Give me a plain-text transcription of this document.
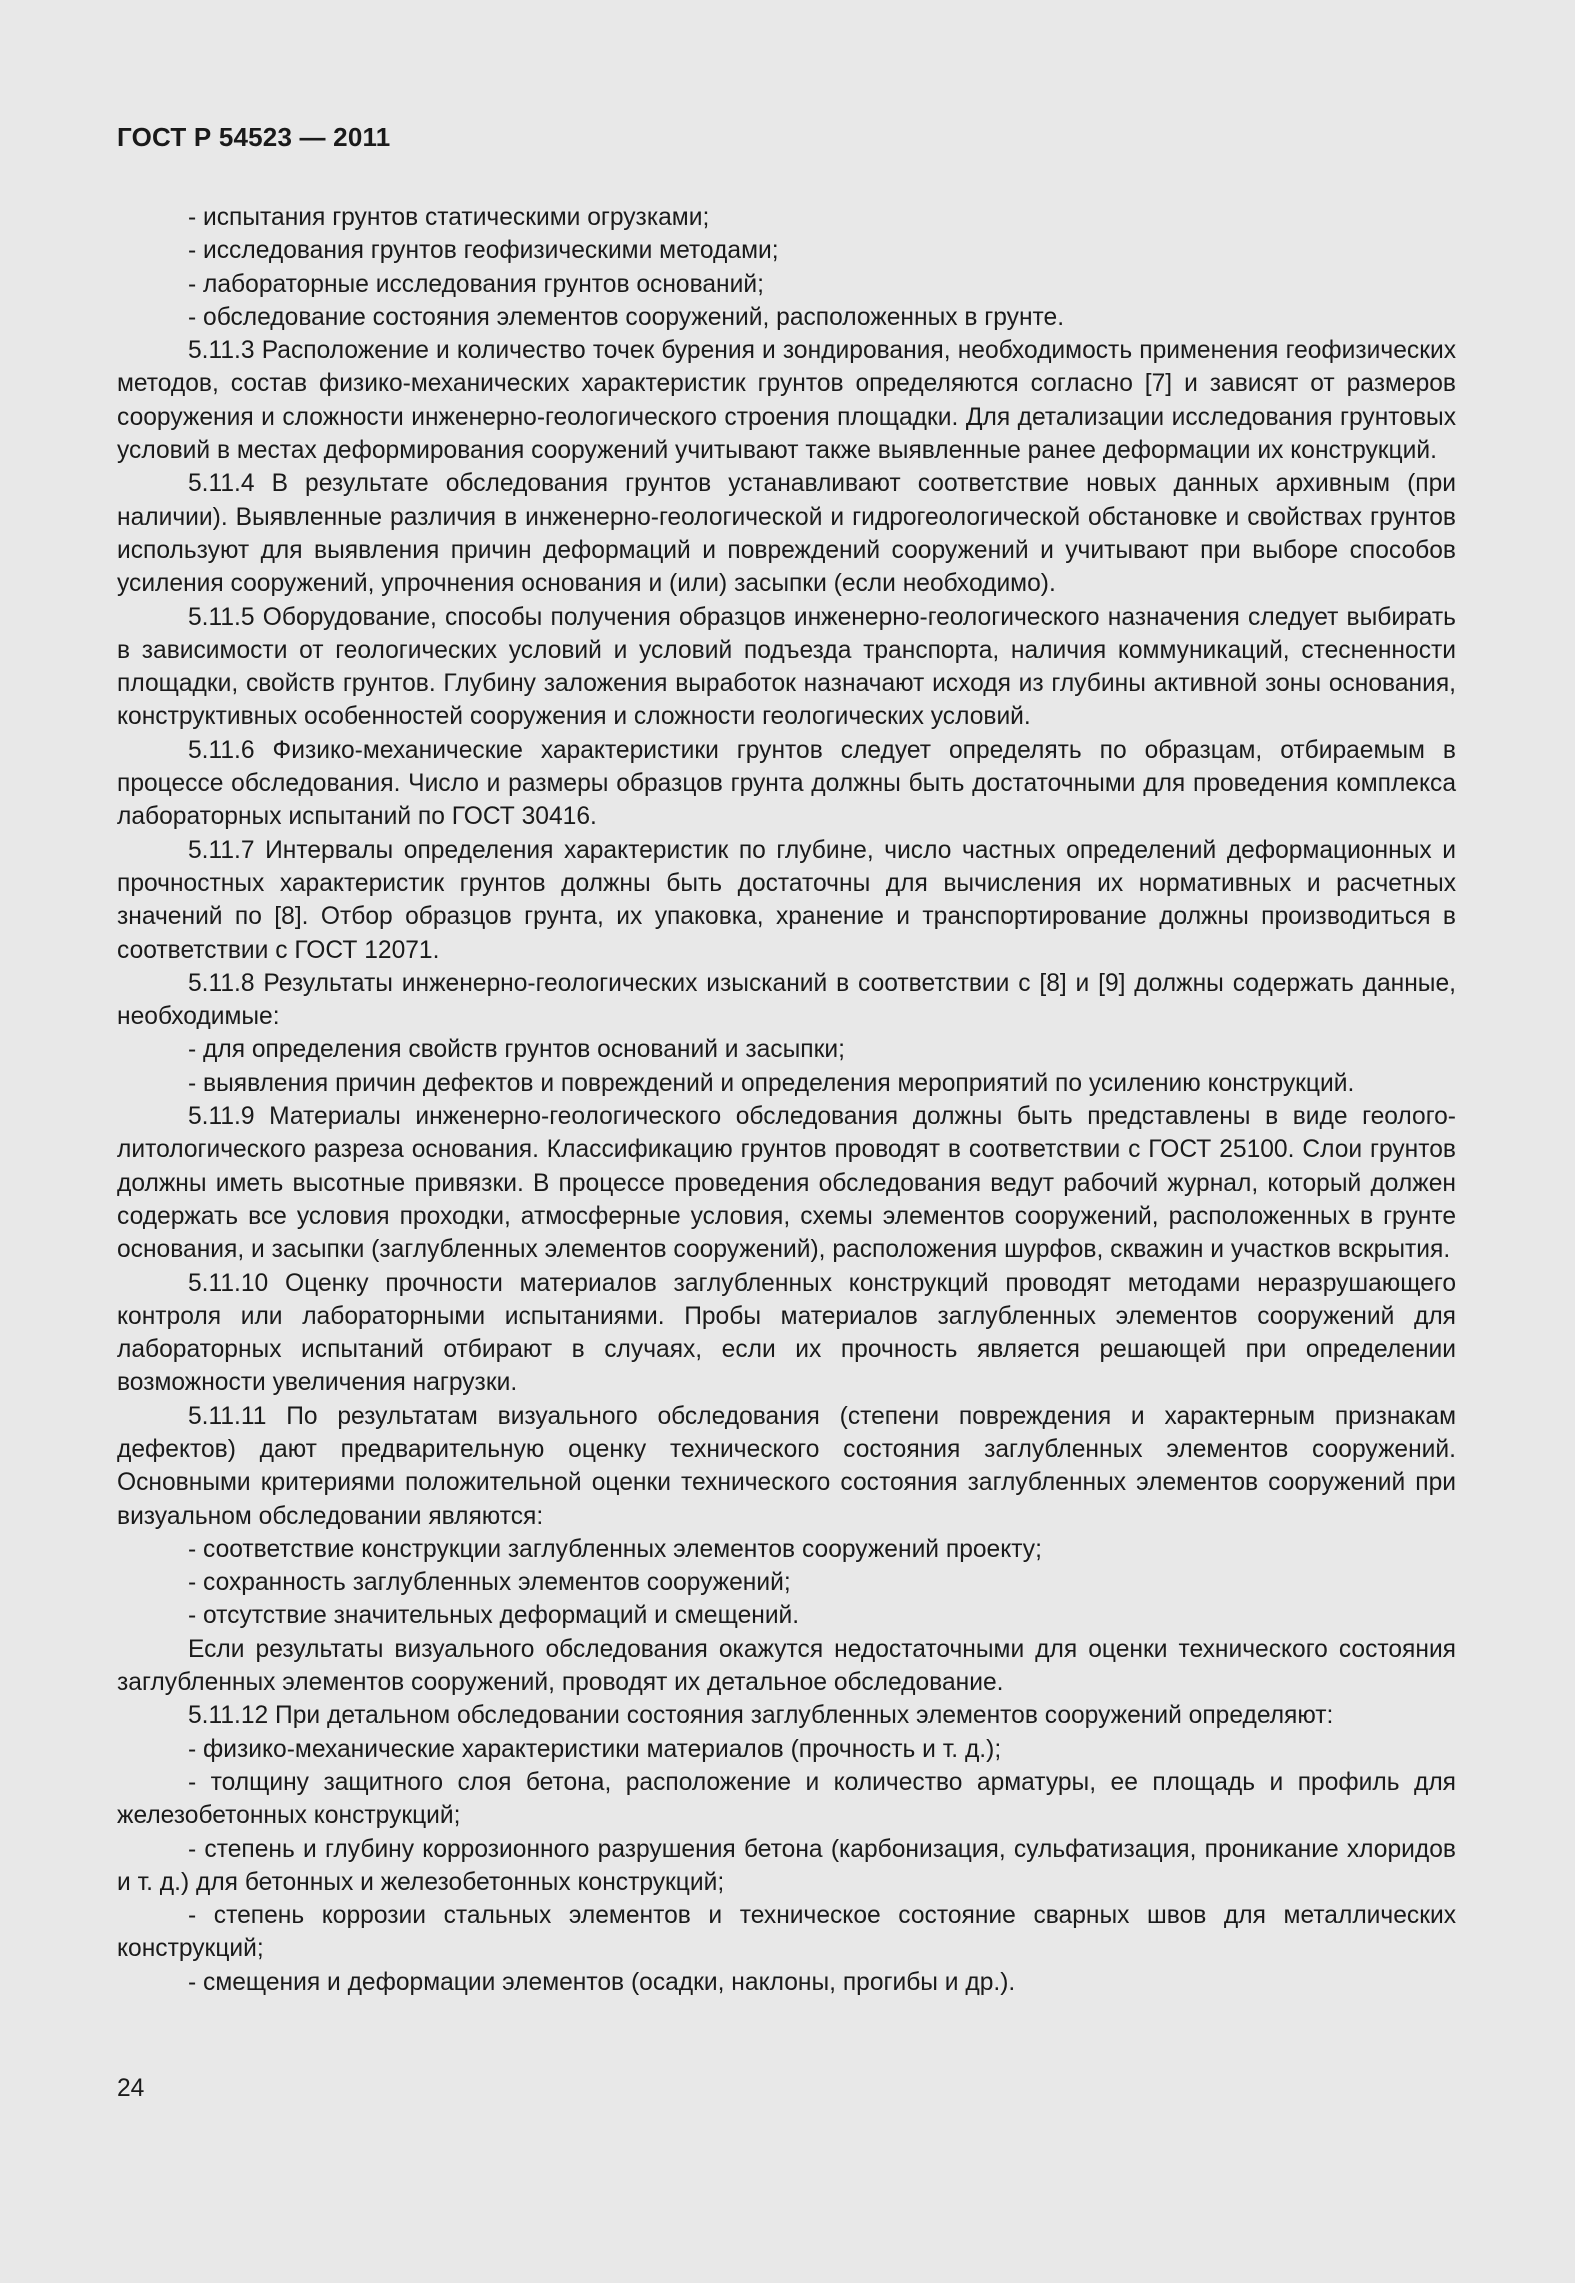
ГОСТ Р 54523 — 2011

- испытания грунтов статическими огрузками;

- исследования грунтов геофизическими методами;

- лабораторные исследования грунтов оснований;

- обследование состояния элементов сооружений, расположенных в грунте.

5.11.3 Расположение и количество точек бурения и зондирования, необходимость применения геофизических методов, состав физико-механических характеристик грунтов определяются согласно [7] и зависят от размеров сооружения и сложности инженерно-геологического строения площадки. Для детализации исследования грунтовых условий в местах деформирования сооружений учитывают также выявленные ранее деформации их конструкций.

5.11.4 В результате обследования грунтов устанавливают соответствие новых данных архивным (при наличии). Выявленные различия в инженерно-геологической и гидрогеологической обстановке и свойствах грунтов используют для выявления причин деформаций и повреждений сооружений и учитывают при выборе способов усиления сооружений, упрочнения основания и (или) засыпки (если необходимо).

5.11.5 Оборудование, способы получения образцов инженерно-геологического назначения следует выбирать в зависимости от геологических условий и условий подъезда транспорта, наличия коммуникаций, стесненности площадки, свойств грунтов. Глубину заложения выработок назначают исходя из глубины активной зоны основания, конструктивных особенностей сооружения и сложности геологических условий.

5.11.6 Физико-механические характеристики грунтов следует определять по образцам, отбираемым в процессе обследования. Число и размеры образцов грунта должны быть достаточными для проведения комплекса лабораторных испытаний по ГОСТ 30416.

5.11.7 Интервалы определения характеристик по глубине, число частных определений деформационных и прочностных характеристик грунтов должны быть достаточны для вычисления их нормативных и расчетных значений по [8]. Отбор образцов грунта, их упаковка, хранение и транспортирование должны производиться в соответствии с ГОСТ 12071.

5.11.8 Результаты инженерно-геологических изысканий в соответствии с [8] и [9] должны содержать данные, необходимые:

- для определения свойств грунтов оснований и засыпки;

- выявления причин дефектов и повреждений и определения мероприятий по усилению конструкций.

5.11.9 Материалы инженерно-геологического обследования должны быть представлены в виде геолого-литологического разреза основания. Классификацию грунтов проводят в соответствии с ГОСТ 25100. Слои грунтов должны иметь высотные привязки. В процессе проведения обследования ведут рабочий журнал, который должен содержать все условия проходки, атмосферные условия, схемы элементов сооружений, расположенных в грунте основания, и засыпки (заглубленных элементов сооружений), расположения шурфов, скважин и участков вскрытия.

5.11.10 Оценку прочности материалов заглубленных конструкций проводят методами неразрушающего контроля или лабораторными испытаниями. Пробы материалов заглубленных элементов сооружений для лабораторных испытаний отбирают в случаях, если их прочность является решающей при определении возможности увеличения нагрузки.

5.11.11 По результатам визуального обследования (степени повреждения и характерным признакам дефектов) дают предварительную оценку технического состояния заглубленных элементов сооружений. Основными критериями положительной оценки технического состояния заглубленных элементов сооружений при визуальном обследовании являются:

- соответствие конструкции заглубленных элементов сооружений проекту;

- сохранность заглубленных элементов сооружений;

- отсутствие значительных деформаций и смещений.

Если результаты визуального обследования окажутся недостаточными для оценки технического состояния заглубленных элементов сооружений, проводят их детальное обследование.

5.11.12 При детальном обследовании состояния заглубленных элементов сооружений определяют:

- физико-механические характеристики материалов (прочность и т. д.);

- толщину защитного слоя бетона, расположение и количество арматуры, ее площадь и профиль для железобетонных конструкций;

- степень и глубину коррозионного разрушения бетона (карбонизация, сульфатизация, проникание хлоридов и т. д.) для бетонных и железобетонных конструкций;

- степень коррозии стальных элементов и техническое состояние сварных швов для металлических конструкций;

- смещения и деформации элементов (осадки, наклоны, прогибы и др.).

24
